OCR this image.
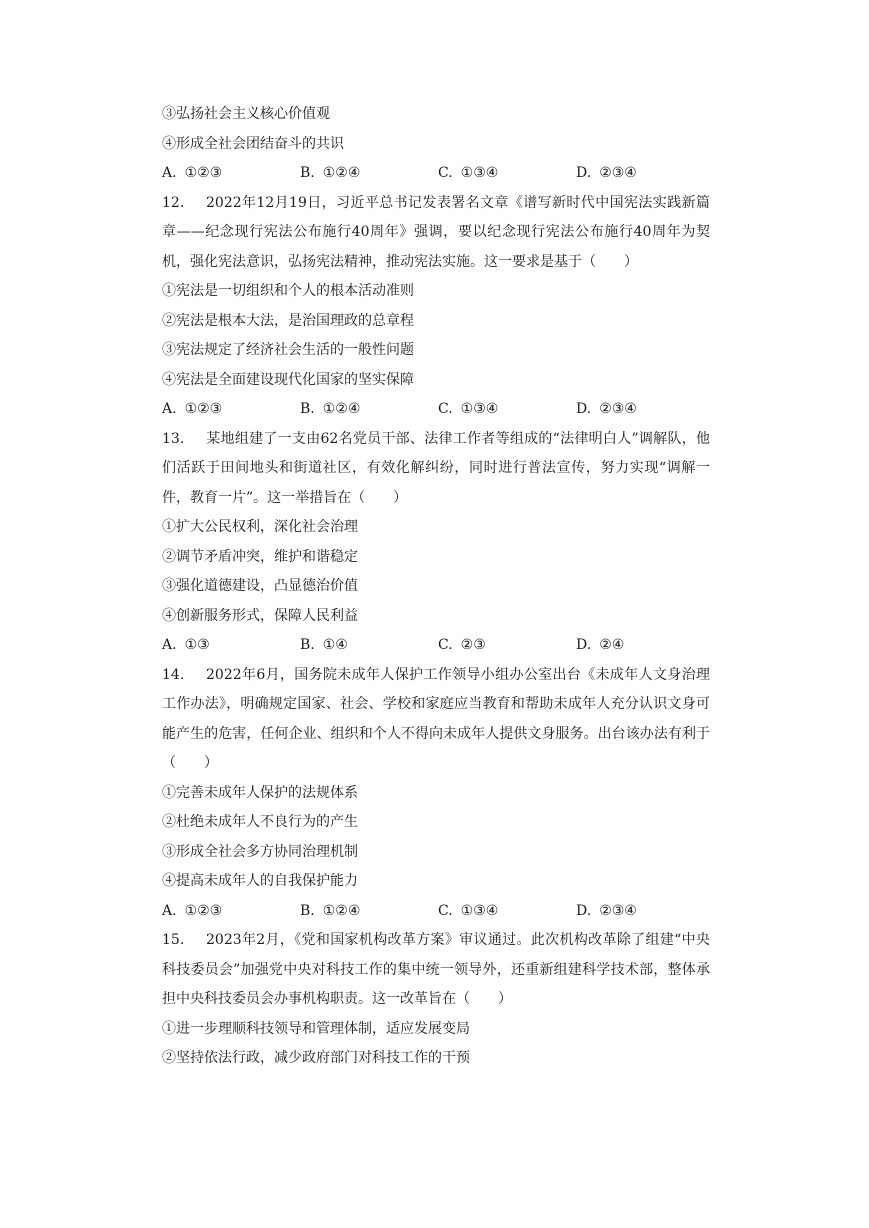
③弘扬社会主义核心价值观
④形成全社会团结奋斗的共识
A. ①②③	B. ①②④	C. ①③④	D. ②③④
12. 2022年12月19日，习近平总书记发表署名文章《谱写新时代中国宪法实践新篇章——纪念现行宪法公布施行40周年》强调，要以纪念现行宪法公布施行40周年为契机，强化宪法意识，弘扬宪法精神，推动宪法实施。这一要求是基于（　　）
①宪法是一切组织和个人的根本活动准则
②宪法是根本大法，是治国理政的总章程
③宪法规定了经济社会生活的一般性问题
④宪法是全面建设现代化国家的坚实保障
A. ①②③	B. ①②④	C. ①③④	D. ②③④
13. 某地组建了一支由62名党员干部、法律工作者等组成的“法律明白人”调解队，他们活跃于田间地头和街道社区，有效化解纠纷，同时进行普法宣传，努力实现“调解一件，教育一片”。这一举措旨在（　　）
①扩大公民权利，深化社会治理
②调节矛盾冲突，维护和谐稳定
③强化道德建设，凸显德治价值
④创新服务形式，保障人民利益
A. ①③	B. ①④	C. ②③	D. ②④
14. 2022年6月，国务院未成年人保护工作领导小组办公室出台《未成年人文身治理工作办法》，明确规定国家、社会、学校和家庭应当教育和帮助未成年人充分认识文身可能产生的危害，任何企业、组织和个人不得向未成年人提供文身服务。出台该办法有利于（　　）
①完善未成年人保护的法规体系
②杜绝未成年人不良行为的产生
③形成全社会多方协同治理机制
④提高未成年人的自我保护能力
A. ①②③	B. ①②④	C. ①③④	D. ②③④
15. 2023年2月，《党和国家机构改革方案》审议通过。此次机构改革除了组建“中央科技委员会”加强党中央对科技工作的集中统一领导外，还重新组建科学技术部，整体承担中央科技委员会办事机构职责。这一改革旨在（　　）
①进一步理顺科技领导和管理体制，适应发展变局
②坚持依法行政，减少政府部门对科技工作的干预
